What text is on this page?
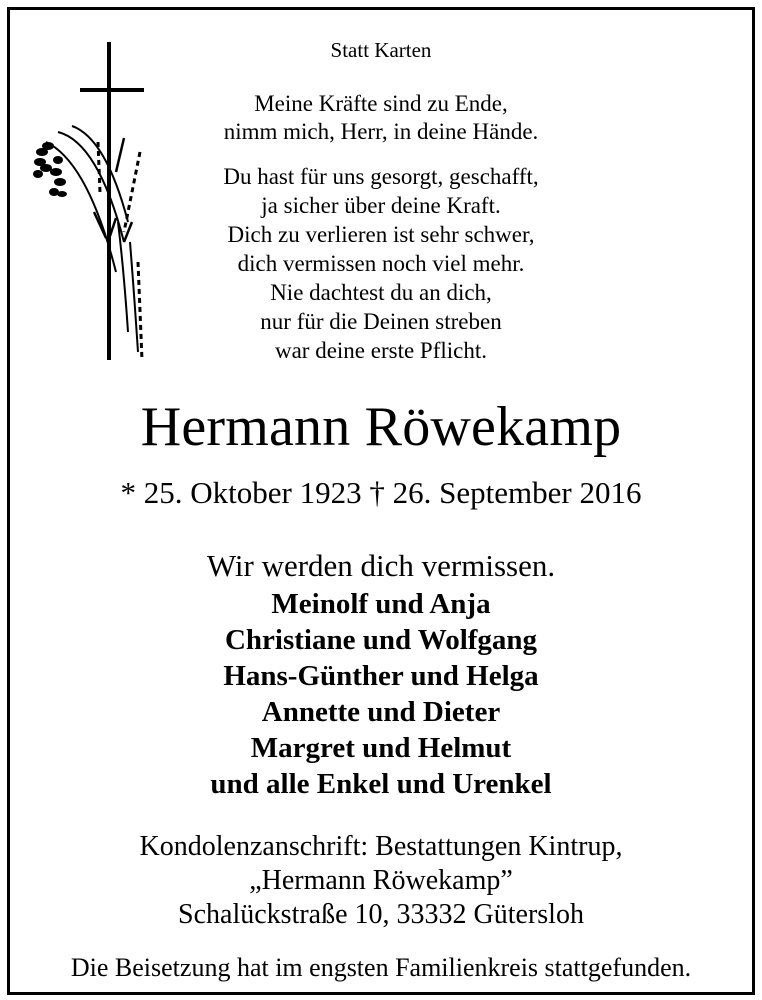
Statt Karten
Meine Kräfte sind zu Ende,
nimm mich, Herr, in deine Hände.
Du hast für uns gesorgt, geschafft,
ja sicher über deine Kraft.
Dich zu verlieren ist sehr schwer,
dich vermissen noch viel mehr.
Nie dachtest du an dich,
nur für die Deinen streben
war deine erste Pflicht.
Hermann Röwekamp
* 25. Oktober 1923 † 26. September 2016
Wir werden dich vermissen.
Meinolf und Anja
Christiane und Wolfgang
Hans-Günther und Helga
Annette und Dieter
Margret und Helmut
und alle Enkel und Urenkel
Kondolenzanschrift: Bestattungen Kintrup,
„Hermann Röwekamp”
Schalückstraße 10, 33332 Gütersloh
Die Beisetzung hat im engsten Familienkreis stattgefunden.
